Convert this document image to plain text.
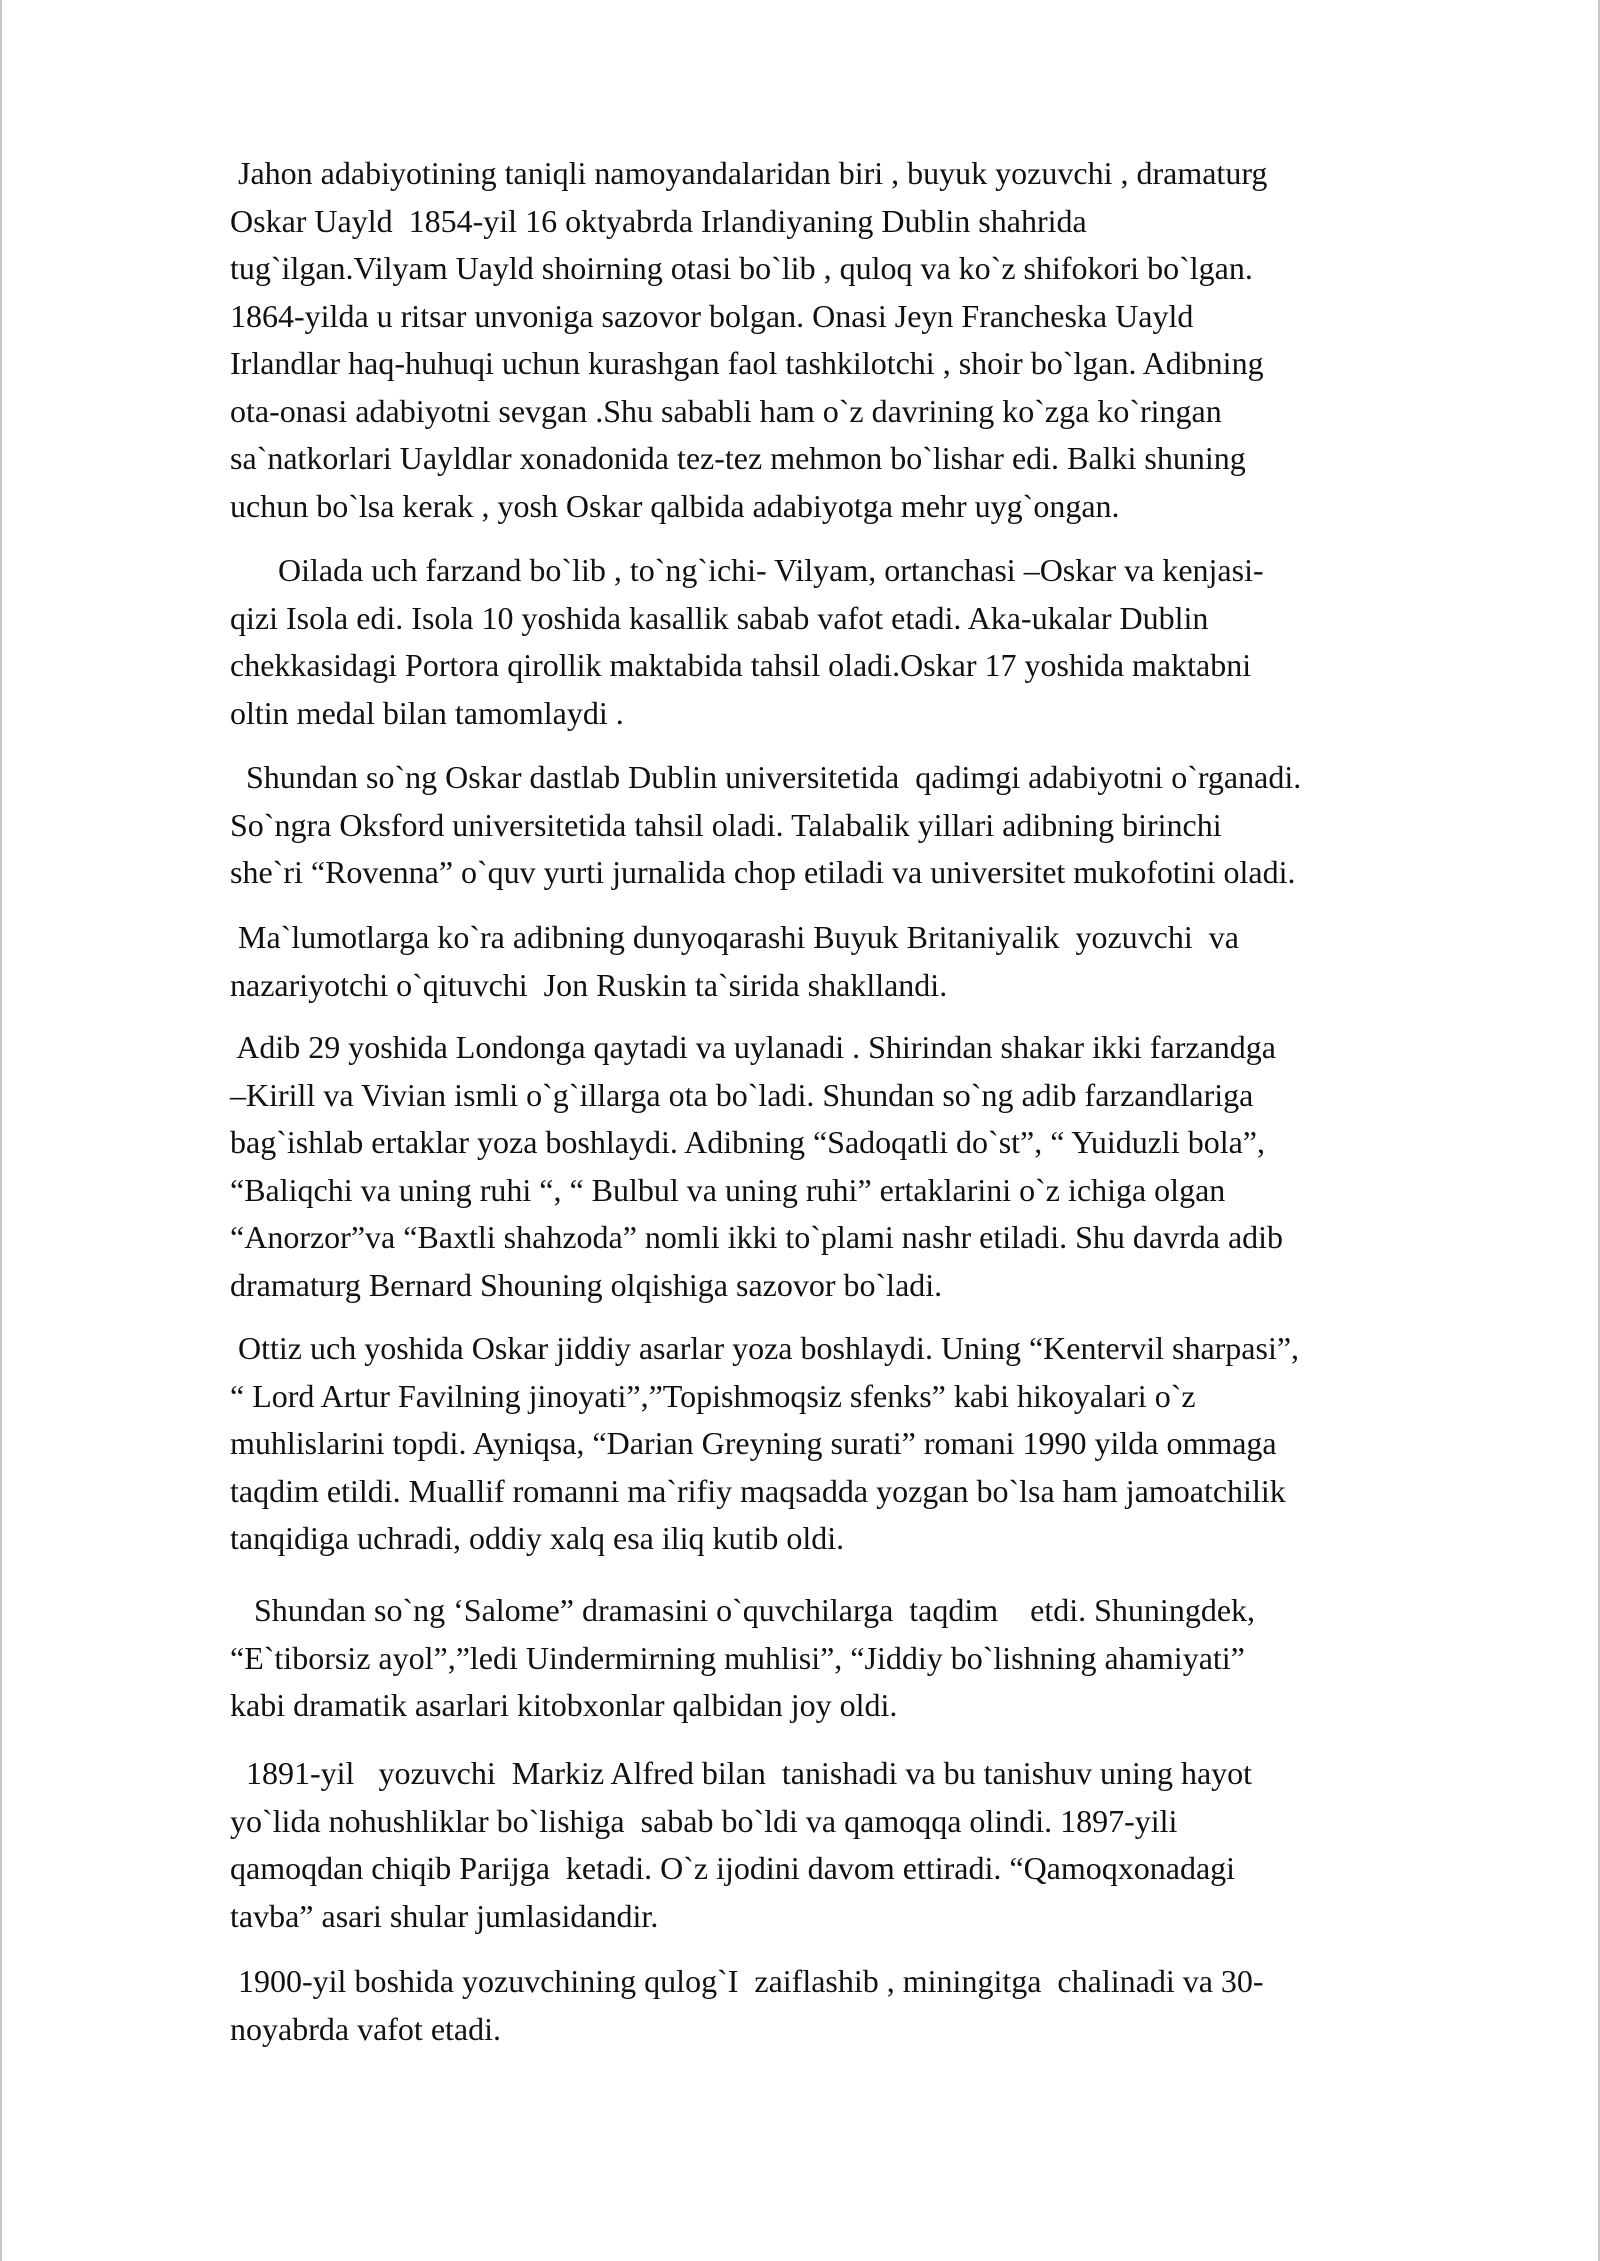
Jahon adabiyotining taniqli namoyandalaridan biri , buyuk yozuvchi , dramaturg
Oskar Uayld  1854-yil 16 oktyabrda Irlandiyaning Dublin shahrida
tug`ilgan.Vilyam Uayld shoirning otasi bo`lib , quloq va ko`z shifokori bo`lgan.
1864-yilda u ritsar unvoniga sazovor bolgan. Onasi Jeyn Francheska Uayld
Irlandlar haq-huhuqi uchun kurashgan faol tashkilotchi , shoir bo`lgan. Adibning
ota-onasi adabiyotni sevgan .Shu sababli ham o`z davrining ko`zga ko`ringan
sa`natkorlari Uayldlar xonadonida tez-tez mehmon bo`lishar edi. Balki shuning
uchun bo`lsa kerak , yosh Oskar qalbida adabiyotga mehr uyg`ongan.

Oilada uch farzand bo`lib , to`ng`ichi- Vilyam, ortanchasi –Oskar va kenjasi-
qizi Isola edi. Isola 10 yoshida kasallik sabab vafot etadi. Aka-ukalar Dublin
chekkasidagi Portora qirollik maktabida tahsil oladi.Oskar 17 yoshida maktabni
oltin medal bilan tamomlaydi .

Shundan so`ng Oskar dastlab Dublin universitetida  qadimgi adabiyotni o`rganadi.
So`ngra Oksford universitetida tahsil oladi. Talabalik yillari adibning birinchi
she`ri “Rovenna” o`quv yurti jurnalida chop etiladi va universitet mukofotini oladi.

Ma`lumotlarga ko`ra adibning dunyoqarashi Buyuk Britaniyalik  yozuvchi  va
nazariyotchi o`qituvchi  Jon Ruskin ta`sirida shakllandi.

Adib 29 yoshida Londonga qaytadi va uylanadi . Shirindan shakar ikki farzandga
–Kirill va Vivian ismli o`g`illarga ota bo`ladi. Shundan so`ng adib farzandlariga
bag`ishlab ertaklar yoza boshlaydi. Adibning “Sadoqatli do`st”, “ Yuiduzli bola”,
“Baliqchi va uning ruhi “, “ Bulbul va uning ruhi” ertaklarini o`z ichiga olgan
“Anorzor”va “Baxtli shahzoda” nomli ikki to`plami nashr etiladi. Shu davrda adib
dramaturg Bernard Shouning olqishiga sazovor bo`ladi.

Ottiz uch yoshida Oskar jiddiy asarlar yoza boshlaydi. Uning “Kentervil sharpasi”,
“ Lord Artur Favilning jinoyati”,”Topishmoqsiz sfenks” kabi hikoyalari o`z
muhlislarini topdi. Ayniqsa, “Darian Greyning surati” romani 1990 yilda ommaga
taqdim etildi. Muallif romanni ma`rifiy maqsadda yozgan bo`lsa ham jamoatchilik
tanqidiga uchradi, oddiy xalq esa iliq kutib oldi.

Shundan so`ng ‘Salome” dramasini o`quvchilarga  taqdim    etdi. Shuningdek,
“E`tiborsiz ayol”,”ledi Uindermirning muhlisi”, “Jiddiy bo`lishning ahamiyati”
kabi dramatik asarlari kitobxonlar qalbidan joy oldi.

1891-yil   yozuvchi  Markiz Alfred bilan  tanishadi va bu tanishuv uning hayot
yo`lida nohushliklar bo`lishiga  sabab bo`ldi va qamoqqa olindi. 1897-yili
qamoqdan chiqib Parijga  ketadi. O`z ijodini davom ettiradi. “Qamoqxonadagi
tavba” asari shular jumlasidandir.

1900-yil boshida yozuvchining qulog`I  zaiflashib , miningitga  chalinadi va 30-
noyabrda vafot etadi.
